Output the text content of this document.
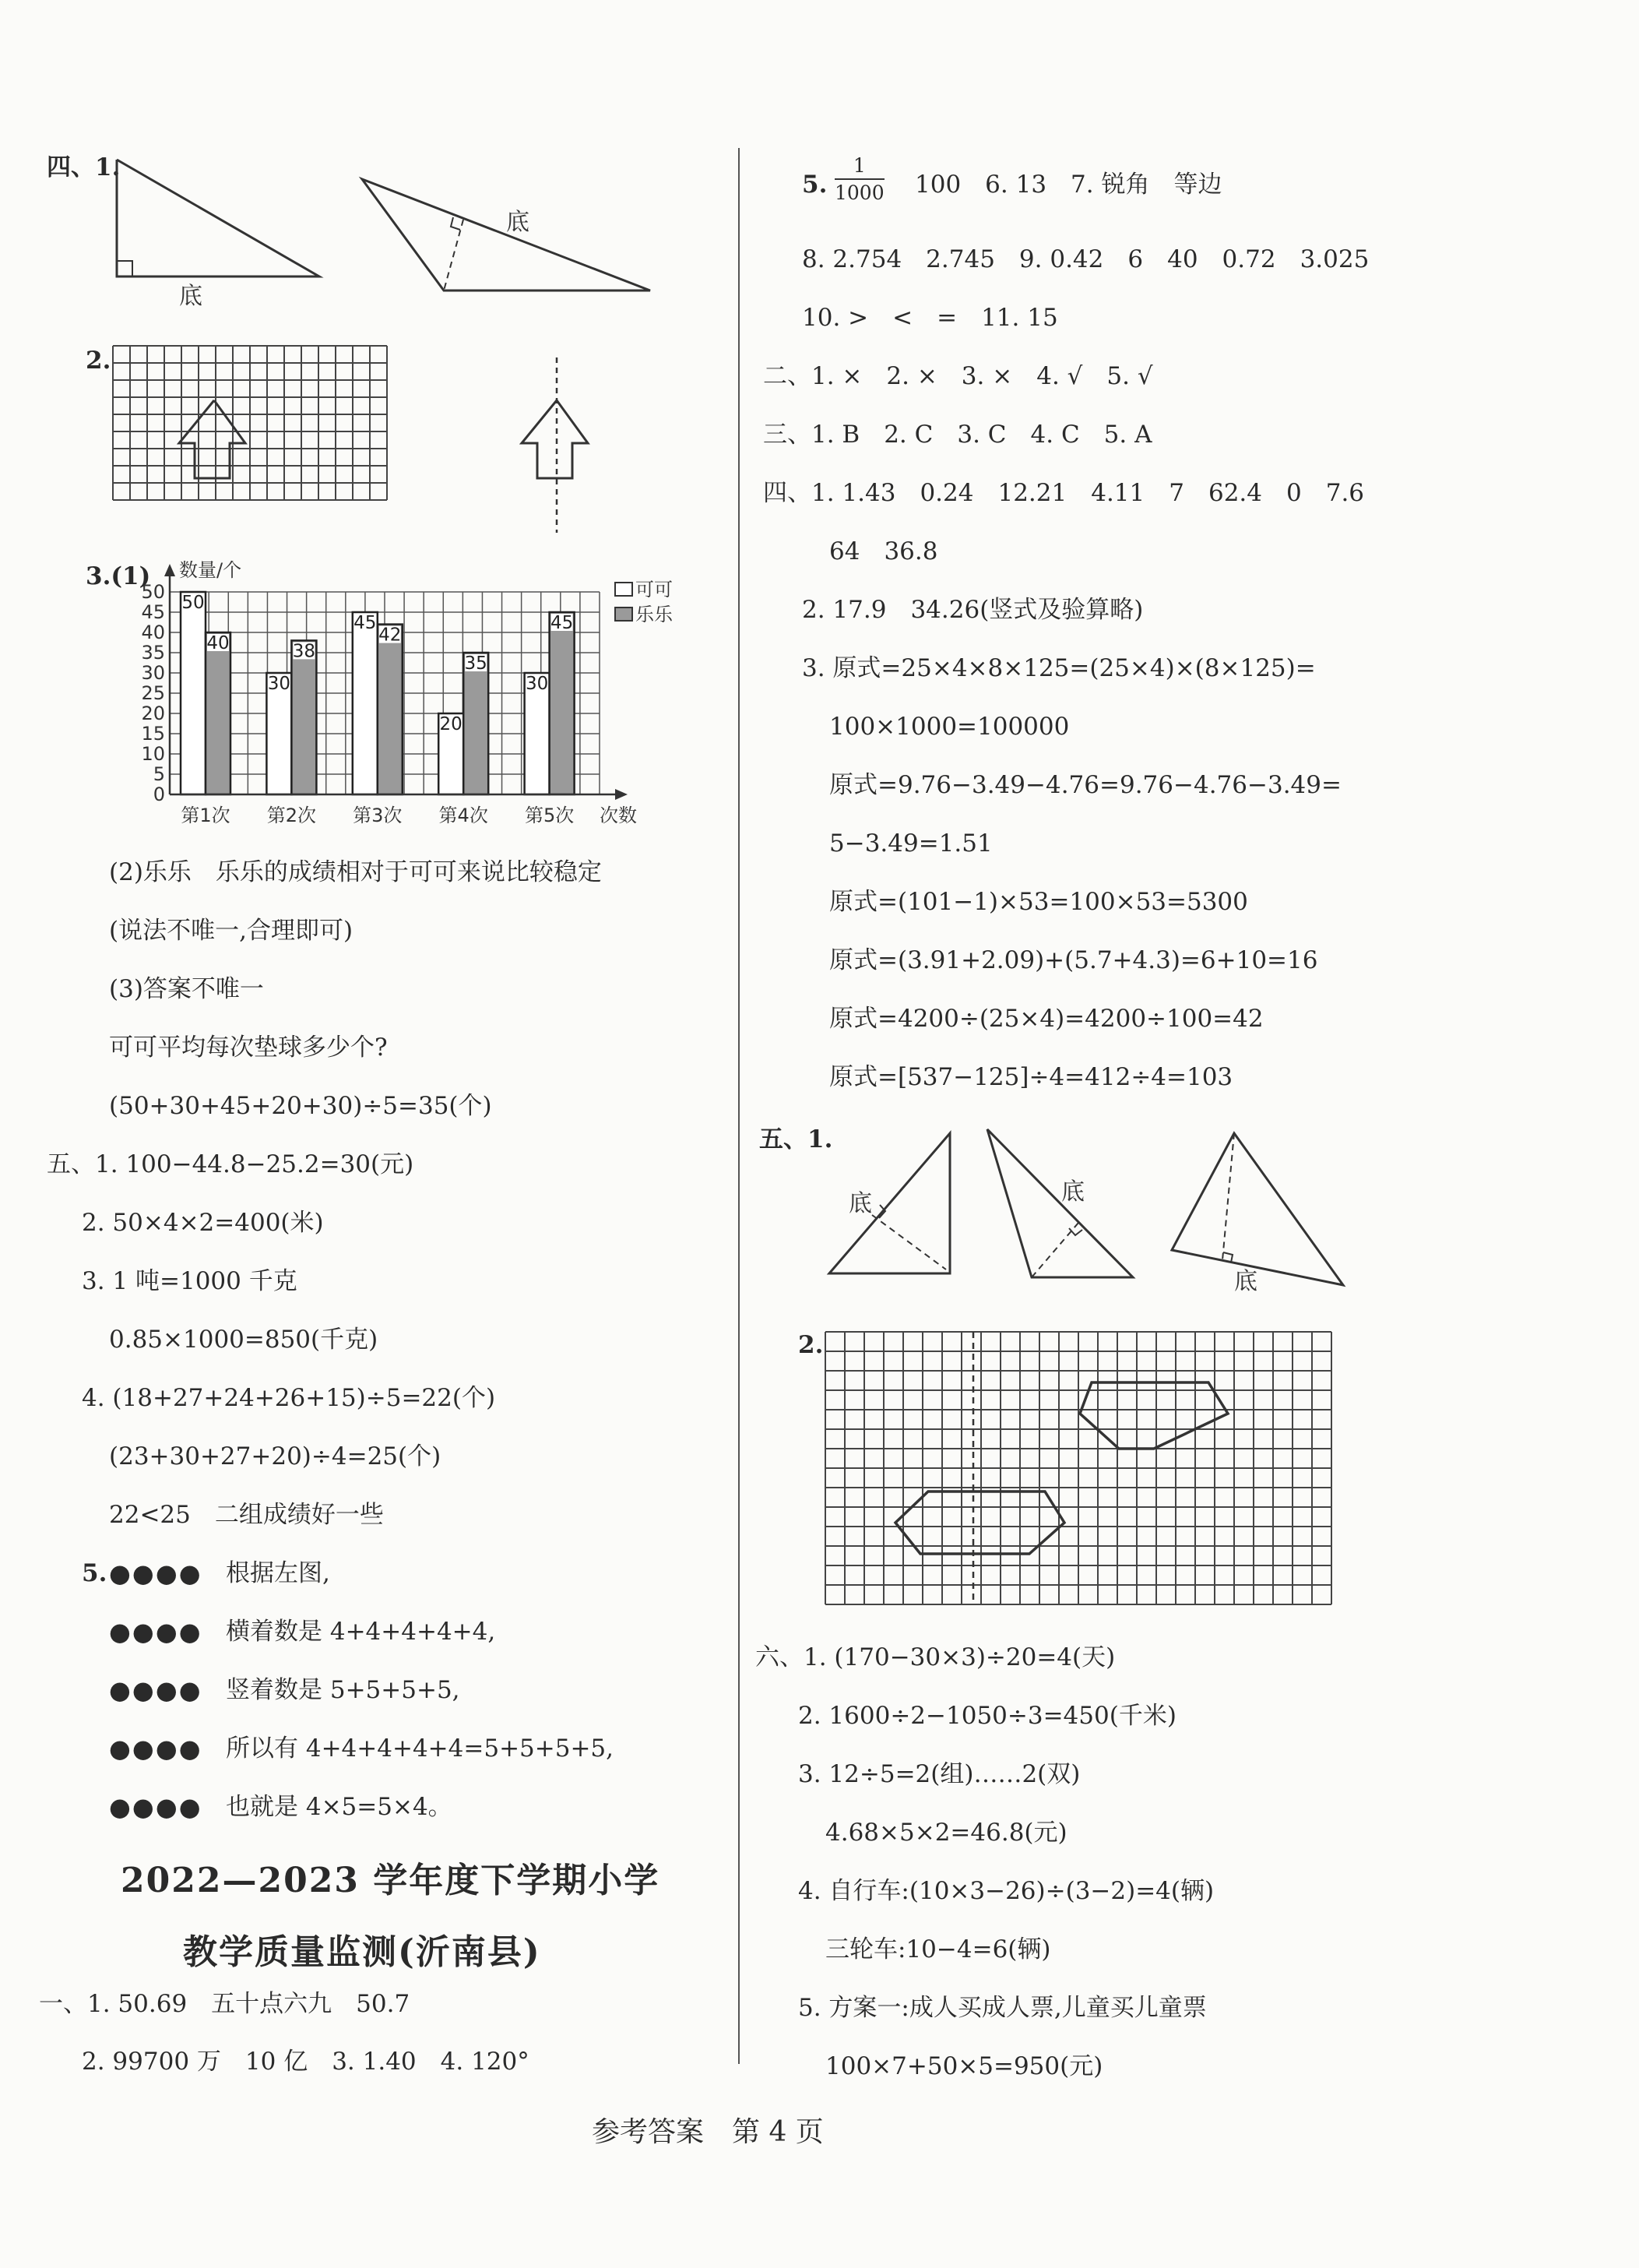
四、1.
底
底
2.
3.(1) 数量/个
0
5
10
15
20
25
30
35
40
45
50 50
40
30
38
45
42
20
35
30
45
第1次 第2次 第3次 第4次 第5次 次数
可可
乐乐
(2)乐乐　乐乐的成绩相对于可可来说比较稳定
(说法不唯一,合理即可)
(3)答案不唯一
可可平均每次垫球多少个?
(50+30+45+20+30)÷5=35(个)
五、1. 100−44.8−25.2=30(元)
2. 50×4×2=400(米)
3. 1 吨=1000 千克
0.85×1000=850(千克)
4. (18+27+24+26+15)÷5=22(个)
(23+30+27+20)÷4=25(个)
22<25　二组成绩好一些
5. ●●●● 根据左图,
●●●● 横着数是 4+4+4+4+4,
●●●● 竖着数是 5+5+5+5,
●●●● 所以有 4+4+4+4+4=5+5+5+5,
●●●● 也就是 4×5=5×4。
2022—2023 学年度下学期小学
教学质量监测(沂南县)
一、1. 50.69　五十点六九　50.7
2. 99700 万　10 亿　3. 1.40　4. 120°
5. $\frac{1}{1000} 100$　6. 13　7. 锐角　等边
8. 2.754　2.745　9. 0.42　6　40　0.72　3.025
10. >　<　=　11. 15
二、1. ×　2. ×　3. ×　4. √　5. √
三、1. B　2. C　3. C　4. C　5. A
四、1. 1.43　0.24　12.21　4.11　7　62.4　0　7.6
64　36.8
2. 17.9　34.26(竖式及验算略)
3. 原式=25×4×8×125=(25×4)×(8×125)=
100×1000=100000
原式=9.76−3.49−4.76=9.76−4.76−3.49=
5−3.49=1.51
原式=(101−1)×53=100×53=5300
原式=(3.91+2.09)+(5.7+4.3)=6+10=16
原式=4200÷(25×4)=4200÷100=42
原式=[537−125]÷4=412÷4=103
五、1.
底	底
底
2.
六、1. (170−30×3)÷20=4(天)
2. 1600÷2−1050÷3=450(千米)
3. 12÷5=2(组)……2(双)
4.68×5×2=46.8(元)
4. 自行车:(10×3−26)÷(3−2)=4(辆)
三轮车:10−4=6(辆)
5. 方案一:成人买成人票,儿童买儿童票
100×7+50×5=950(元)
参考答案　第 4 页
